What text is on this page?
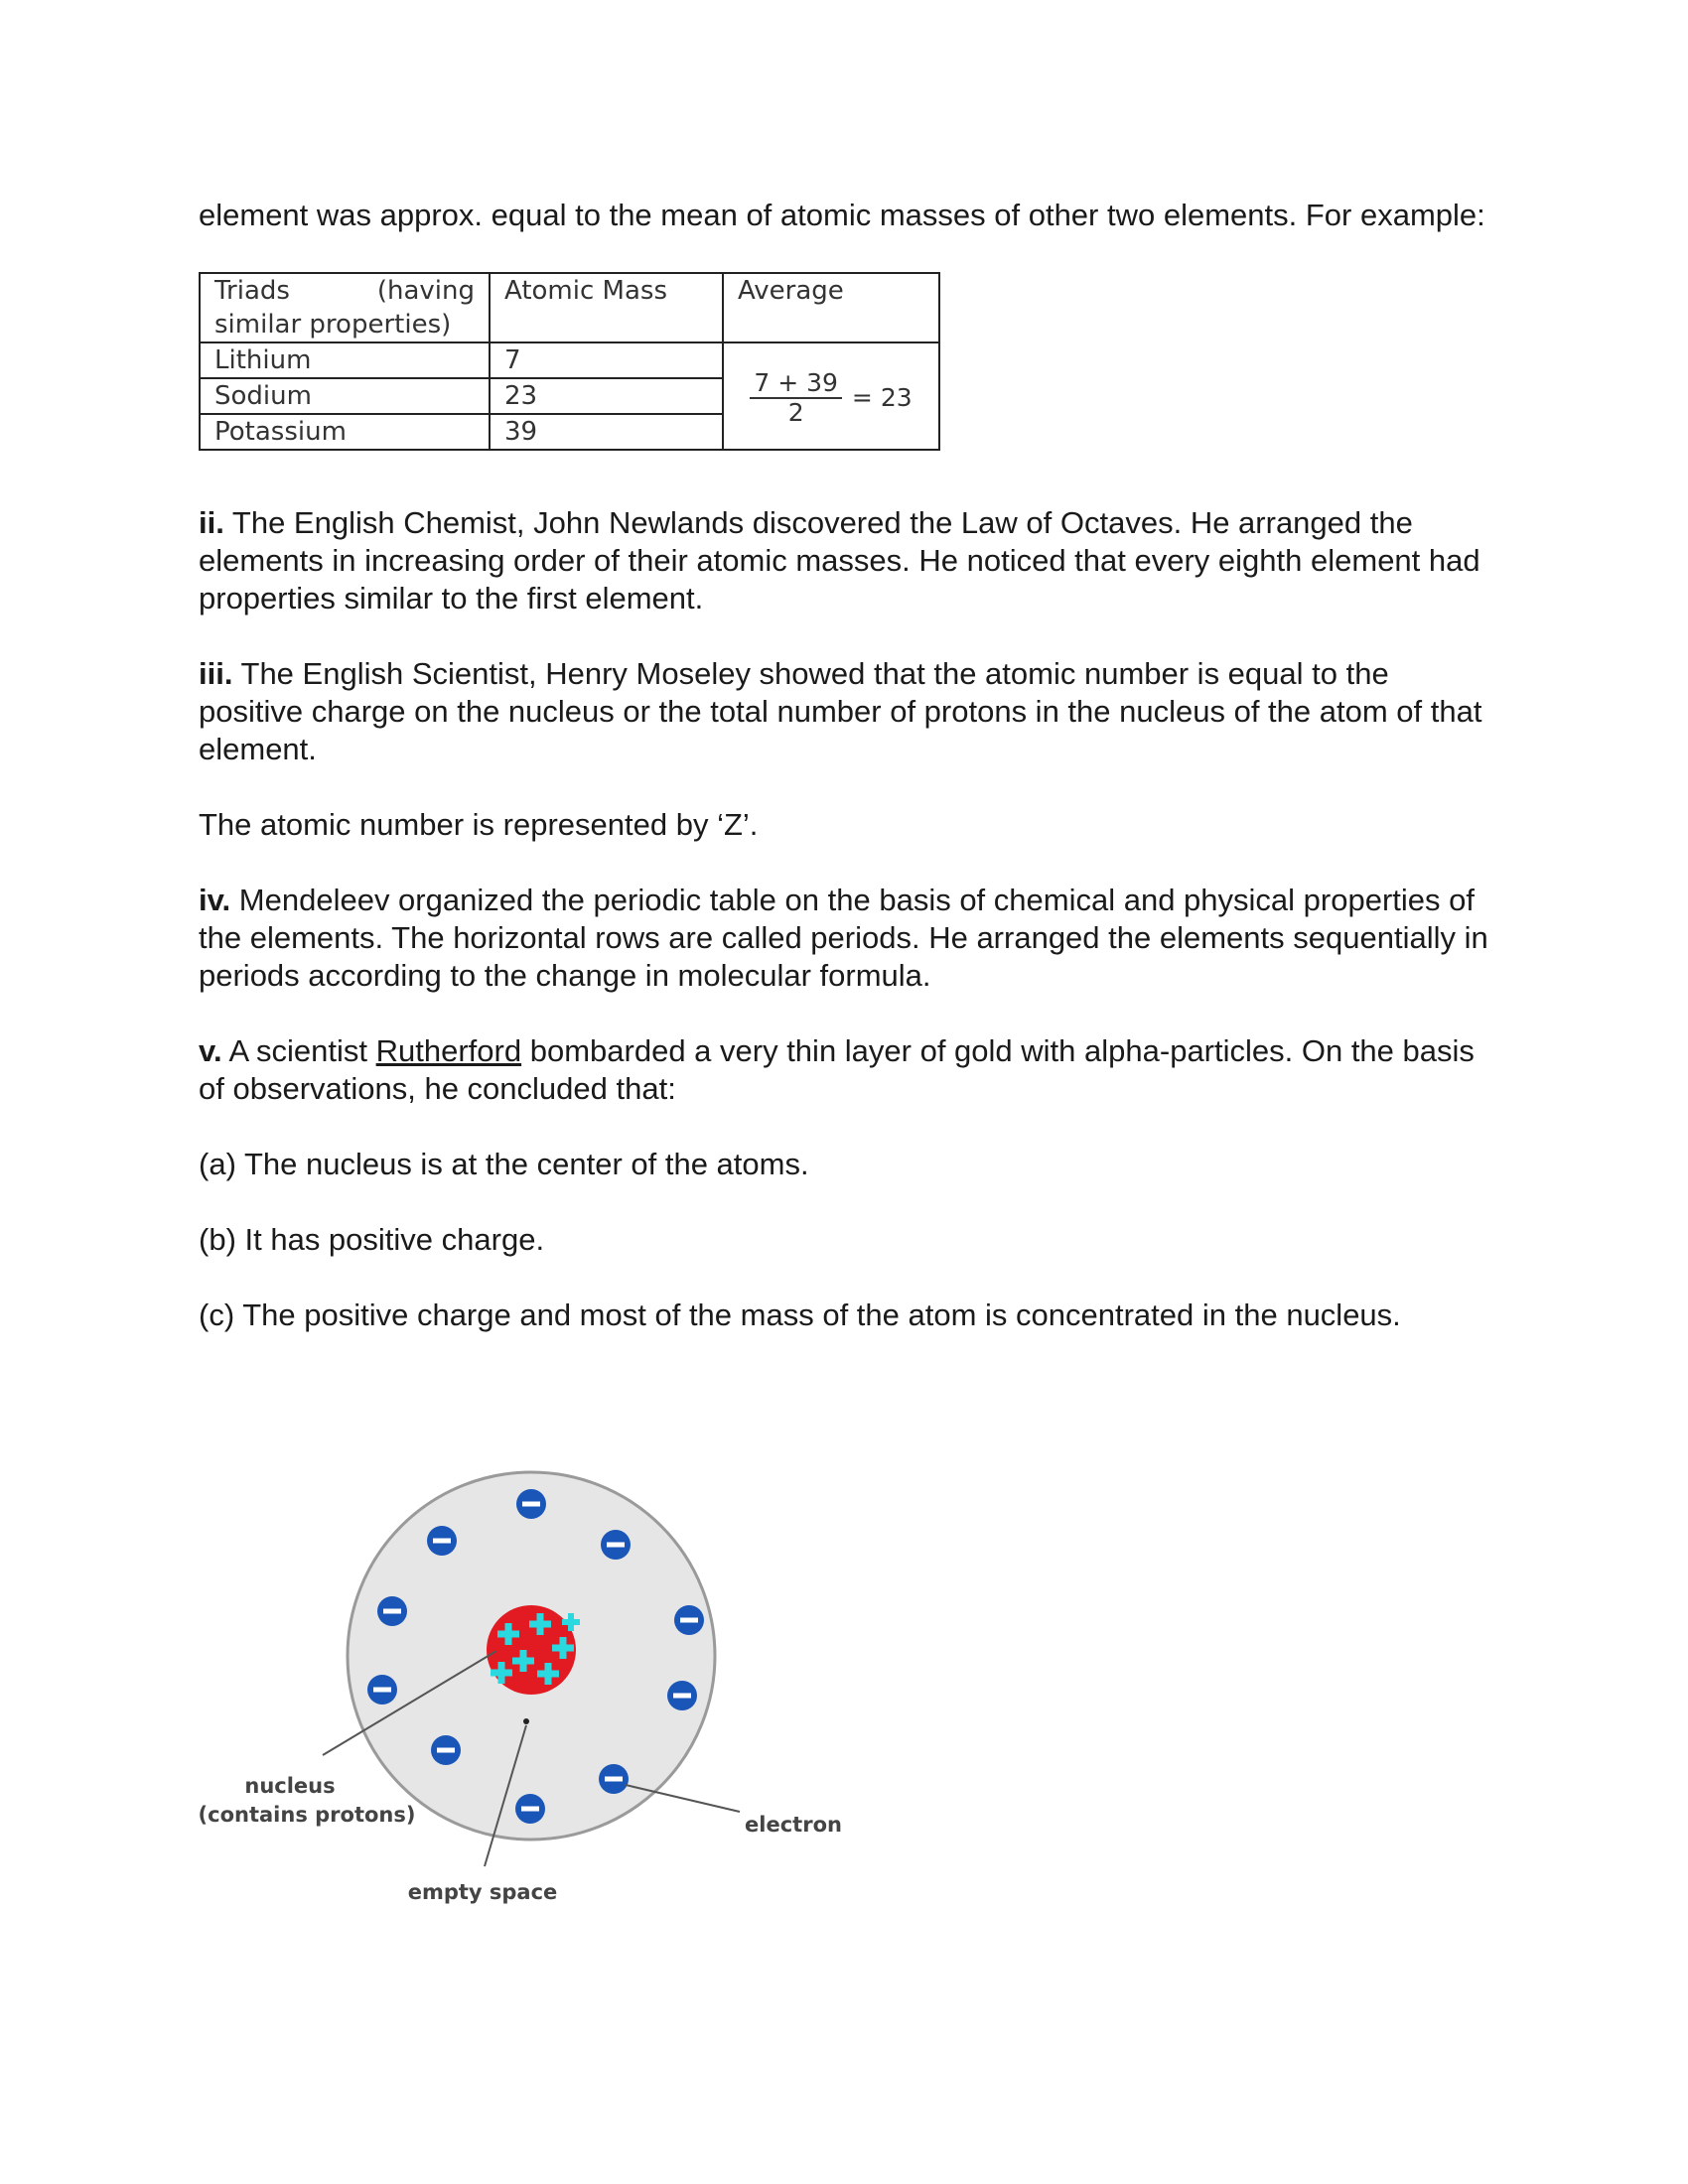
element was approx. equal to the mean of atomic masses of other two elements. For example:

Triads (having
similar properties)	Atomic Mass	Average
Lithium	7	$\frac{7 + 39}{2} = 23$

Sodium	23	
Potassium	39	

ii. The English Chemist, John Newlands discovered the Law of Octaves. He arranged the elements in increasing order of their atomic masses. He noticed that every eighth element had properties similar to the first element.

iii. The English Scientist, Henry Moseley showed that the atomic number is equal to the positive charge on the nucleus or the total number of protons in the nucleus of the atom of that element.

The atomic number is represented by ‘Z’.

iv. Mendeleev organized the periodic table on the basis of chemical and physical properties of the elements. The horizontal rows are called periods. He arranged the elements sequentially in periods according to the change in molecular formula.

v. A scientist Rutherford bombarded a very thin layer of gold with alpha-particles. On the basis of observations, he concluded that:

(a) The nucleus is at the center of the atoms.

(b) It has positive charge.

(c) The positive charge and most of the mass of the atom is concentrated in the nucleus.

nucleus
(contains protons)	electron
empty space
